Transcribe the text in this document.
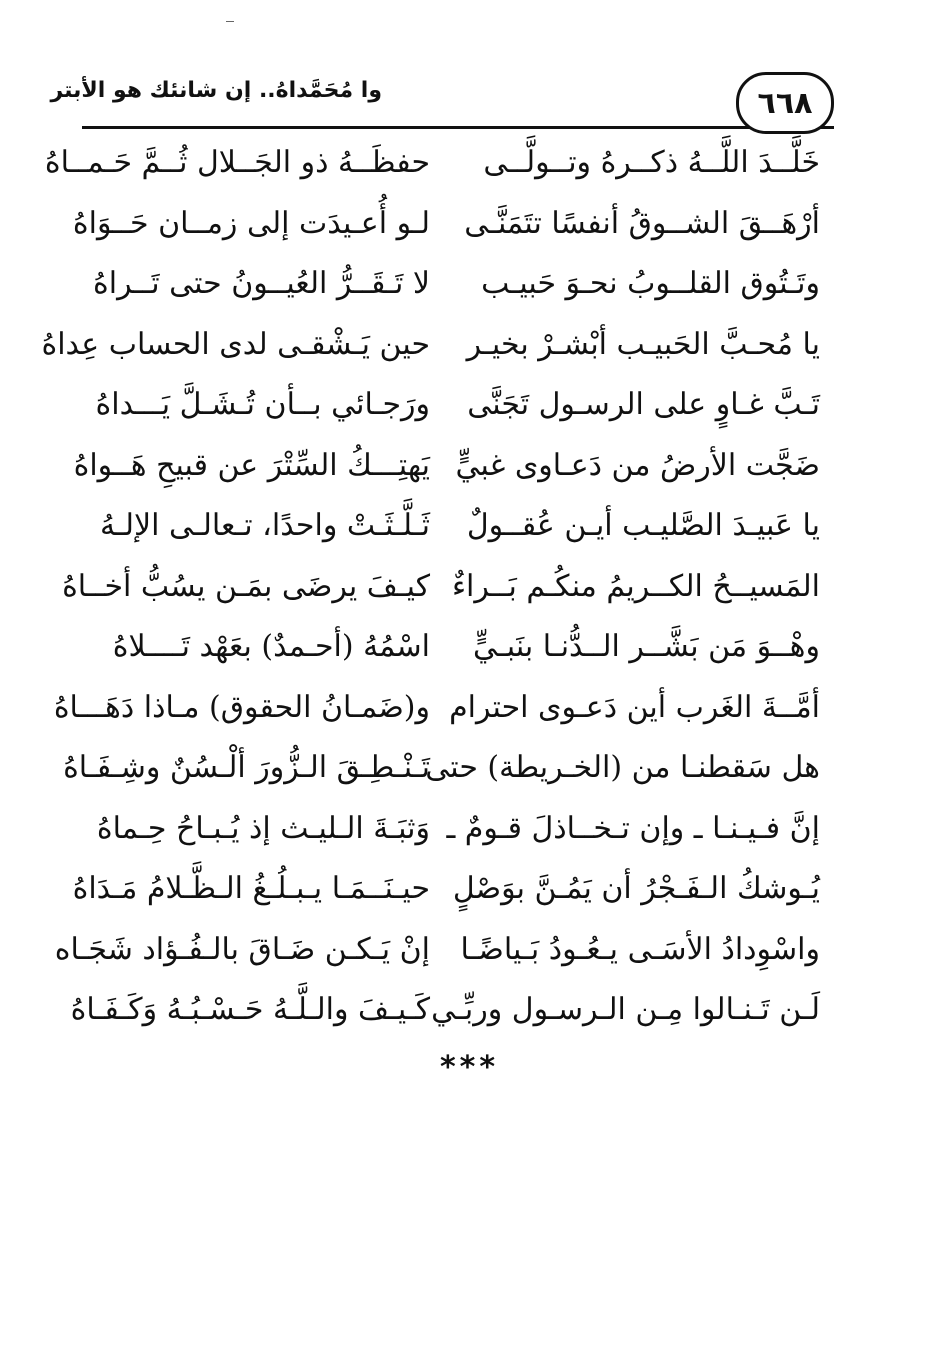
وا مُحَمَّداهُ.. إن شانئك هو الأبتر	٦٦٨
خَلَّــدَ اللَّــهُ ذكــرهُ وتــولَّــى
حفظَــهُ ذو الجَــلال ثُــمَّ حَـمــاهُ
أرْهَــقَ الشــوقُ أنفسًا تتَمَنَّـى
لـو أُعـيدَت إلى زمــان حَــوَاهُ
وتَـتُوق القلــوبُ نحـوَ حَبيـب
لا تَـقَــرُّ العُيــونُ حتى تَــراهُ
يا مُحـبَّ الحَبيـب أبْشـرْ بخيـر
حين يَـشْقـى لدى الحساب عِداهُ
تَـبَّ غـاوٍ على الرسـول تَجَنَّى
ورَجـائي بــأن تُـشَـلَّ يَـــداهُ
ضَجَّت الأرضُ من دَعـاوى غبيٍّ
يَهتِـــكُ السِّتْرَ عن قبيحِ هَــواهُ
يا عَبيـدَ الصَّليـب أيـن عُقــولٌ
ثَـلَّـثَـتْ واحدًا، تـعالـى الإلـهُ
المَسيــحُ الكــريمُ منكُـم بَــراءٌ
كيـفَ يرضَى بمَـن يسُبُّ أخــاهُ
وهْــوَ مَن بَشَّــر الــدُّنـا بنَبـيٍّ
اسْمُهُ (أحـمدٌ) بعَهْد تَــــلاهُ
أمَّــةَ الغَرب أين دَعـوى احترام
و(ضَمـانُ الحقوق) مـاذا دَهَـــاهُ
هل سَقطنـا من (الخـريطة) حتى
تَـنْـطِـقَ الـزُّورَ ألْـسُنٌ وشِـفَـاهُ
إنَّ فـيـنـا ـ وإن تـخــاذلَ قـومٌ ـ
وَثبَـةَ الـليـث إذ يُـبـاحُ حِـماهُ
يُـوشكُ الـفَـجْرُ أن يَمُـنَّ بوَصْلٍ
حيـنَــمَـا يـبـلُـغُ الـظَّـلامُ مَـدَاهُ
واسْوِدادُ الأسَـى يـعُـودُ بَـياضًـا
إنْ يَـكـن ضَـاقَ بالـفُـؤاد شَجَـاه
لَـن تَـنـالوا مِـن الـرسـول وربِّـي
كَـيـفَ والـلَّـهُ حَـسْـبُـهُ وَكَـفَـاهُ
***
